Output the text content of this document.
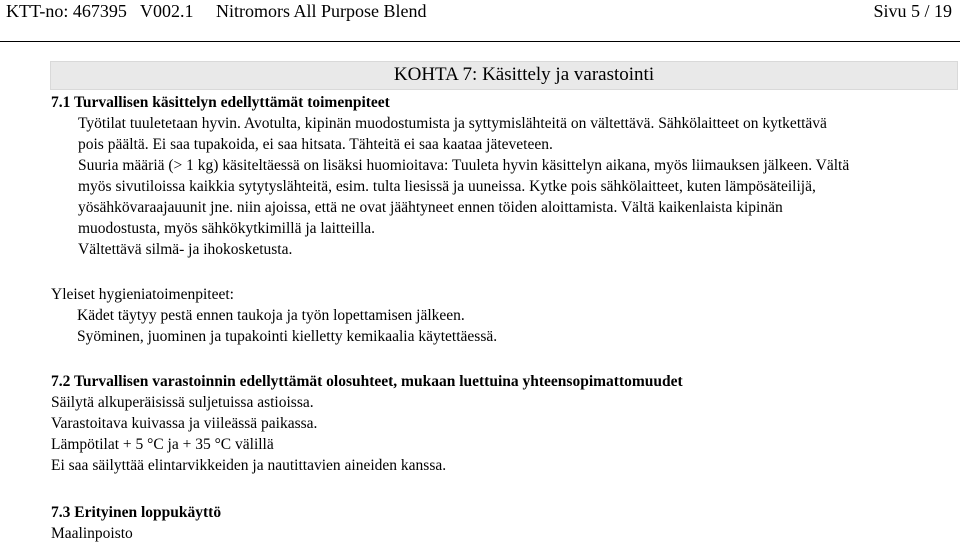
KTT-no: 467395   V002.1     Nitromors All Purpose Blend	Sivu 5 / 19
KOHTA 7: Käsittely ja varastointi
7.1 Turvallisen käsittelyn edellyttämät toimenpiteet
Työtilat tuuletetaan hyvin. Avotulta, kipinän muodostumista ja syttymislähteitä on vältettävä. Sähkölaitteet on kytkettävä
pois päältä. Ei saa tupakoida, ei saa hitsata. Tähteitä ei saa kaataa jäteveteen.
Suuria määriä (> 1 kg) käsiteltäessä on lisäksi huomioitava: Tuuleta hyvin käsittelyn aikana, myös liimauksen jälkeen. Vältä
myös sivutiloissa kaikkia sytytyslähteitä, esim. tulta liesissä ja uuneissa. Kytke pois sähkölaitteet, kuten lämpösäteilijä,
yösähkövaraajauunit jne. niin ajoissa, että ne ovat jäähtyneet ennen töiden aloittamista. Vältä kaikenlaista kipinän
muodostusta, myös sähkökytkimillä ja laitteilla.
Vältettävä silmä- ja ihokosketusta.
Yleiset hygieniatoimenpiteet:
Kädet täytyy pestä ennen taukoja ja työn lopettamisen jälkeen.
Syöminen, juominen ja tupakointi kielletty kemikaalia käytettäessä.
7.2 Turvallisen varastoinnin edellyttämät olosuhteet, mukaan luettuina yhteensopimattomuudet
Säilytä alkuperäisissä suljetuissa astioissa.
Varastoitava kuivassa ja viileässä paikassa.
Lämpötilat + 5 °C ja + 35 °C välillä
Ei saa säilyttää elintarvikkeiden ja nautittavien aineiden kanssa.
7.3 Erityinen loppukäyttö
Maalinpoisto
